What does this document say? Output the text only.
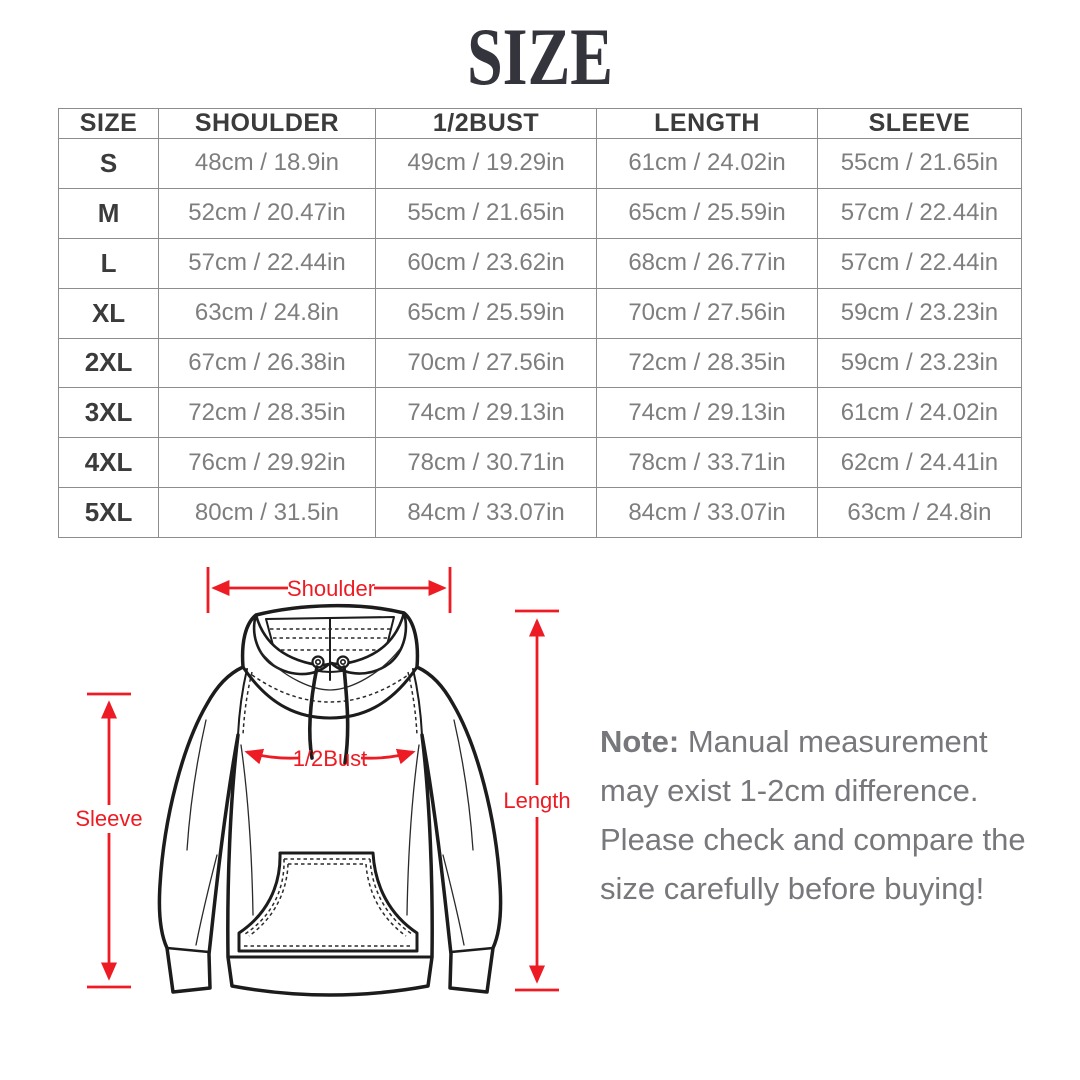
SIZE
SIZE	SHOULDER	1/2BUST	LENGTH	SLEEVE
S	48cm / 18.9in	49cm / 19.29in	61cm / 24.02in	55cm / 21.65in
M	52cm / 20.47in	55cm / 21.65in	65cm / 25.59in	57cm / 22.44in
L	57cm / 22.44in	60cm / 23.62in	68cm / 26.77in	57cm / 22.44in
XL	63cm / 24.8in	65cm / 25.59in	70cm / 27.56in	59cm / 23.23in
2XL	67cm / 26.38in	70cm / 27.56in	72cm / 28.35in	59cm / 23.23in
3XL	72cm / 28.35in	74cm / 29.13in	74cm / 29.13in	61cm / 24.02in
4XL	76cm / 29.92in	78cm / 30.71in	78cm / 33.71in	62cm / 24.41in
5XL	80cm / 31.5in	84cm / 33.07in	84cm / 33.07in	63cm / 24.8in
Shoulder
1/2Bust
Sleeve
Length
Note: Manual measurement may exist 1-2cm difference. Please check and compare the size carefully before buying!
